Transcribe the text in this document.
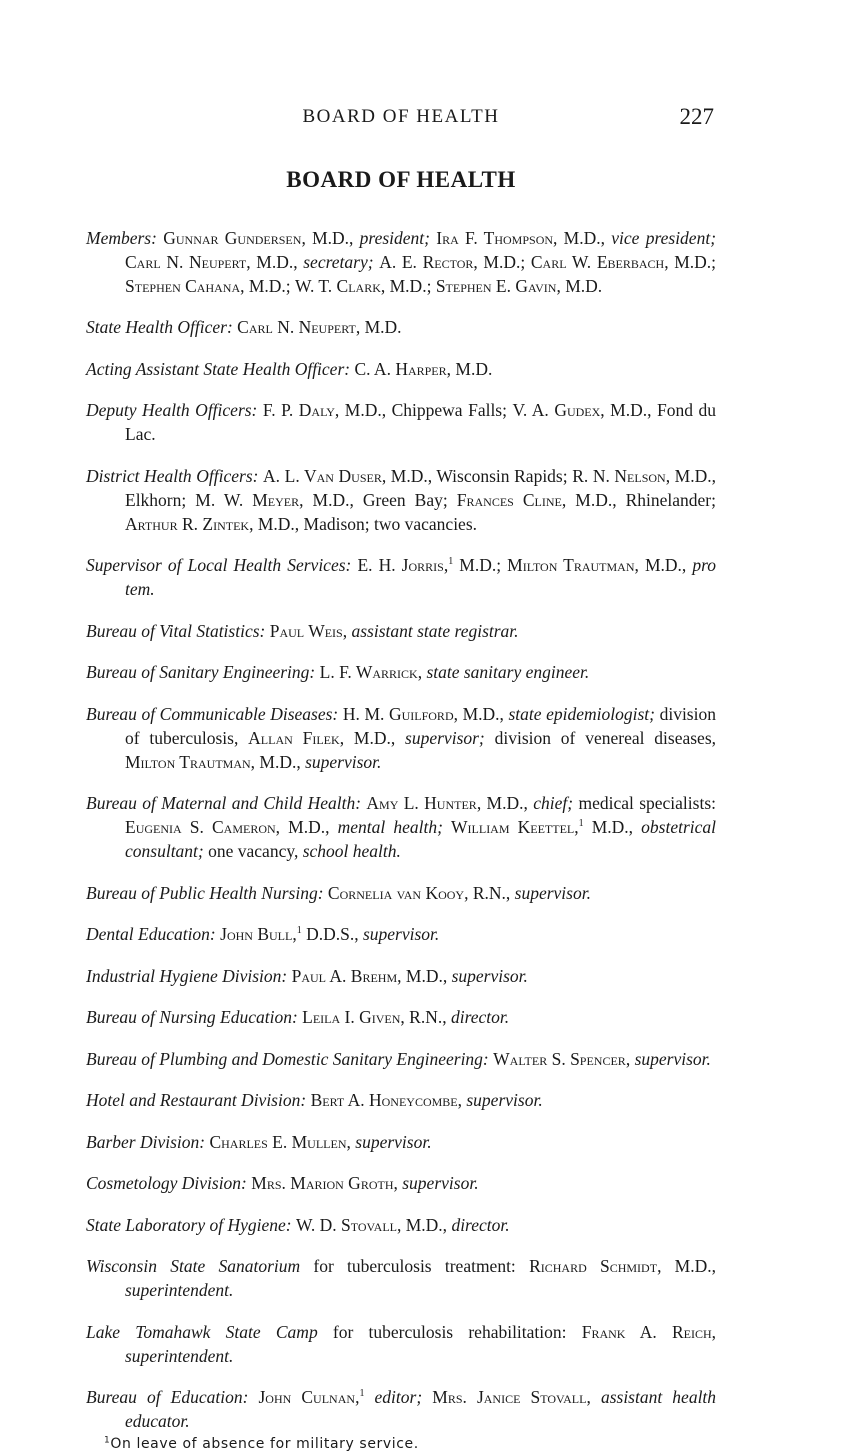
BOARD OF HEALTH	227
BOARD OF HEALTH

Members: Gunnar Gundersen, M.D., president; Ira F. Thompson, M.D., vice president; Carl N. Neupert, M.D., secretary; A. E. Rector, M.D.; Carl W. Eberbach, M.D.; Stephen Cahana, M.D.; W. T. Clark, M.D.; Stephen E. Gavin, M.D.

State Health Officer: Carl N. Neupert, M.D.

Acting Assistant State Health Officer: C. A. Harper, M.D.

Deputy Health Officers: F. P. Daly, M.D., Chippewa Falls; V. A. Gudex, M.D., Fond du Lac.

District Health Officers: A. L. Van Duser, M.D., Wisconsin Rapids; R. N. Nelson, M.D., Elkhorn; M. W. Meyer, M.D., Green Bay; Frances Cline, M.D., Rhinelander; Arthur R. Zintek, M.D., Madison; two vacancies.

Supervisor of Local Health Services: E. H. Jorris,$^1$ M.D.; Milton Trautman, M.D., pro tem.

Bureau of Vital Statistics: Paul Weis, assistant state registrar.

Bureau of Sanitary Engineering: L. F. Warrick, state sanitary engineer.

Bureau of Communicable Diseases: H. M. Guilford, M.D., state epidemiologist; division of tuberculosis, Allan Filek, M.D., supervisor; division of venereal diseases, Milton Trautman, M.D., supervisor.

Bureau of Maternal and Child Health: Amy L. Hunter, M.D., chief; medical specialists: Eugenia S. Cameron, M.D., mental health; William Keettel,$^1$ M.D., obstetrical consultant; one vacancy, school health.

Bureau of Public Health Nursing: Cornelia van Kooy, R.N., supervisor.

Dental Education: John Bull,$^1$ D.D.S., supervisor.

Industrial Hygiene Division: Paul A. Brehm, M.D., supervisor.

Bureau of Nursing Education: Leila I. Given, R.N., director.

Bureau of Plumbing and Domestic Sanitary Engineering: Walter S. Spencer, supervisor.

Hotel and Restaurant Division: Bert A. Honeycombe, supervisor.

Barber Division: Charles E. Mullen, supervisor.

Cosmetology Division: Mrs. Marion Groth, supervisor.

State Laboratory of Hygiene: W. D. Stovall, M.D., director.

Wisconsin State Sanatorium for tuberculosis treatment: Richard Schmidt, M.D., superintendent.

Lake Tomahawk State Camp for tuberculosis rehabilitation: Frank A. Reich, superintendent.

Bureau of Education: John Culnan,$^1$ editor; Mrs. Janice Stovall, assistant health educator.

$^1$On leave of absence for military service.
